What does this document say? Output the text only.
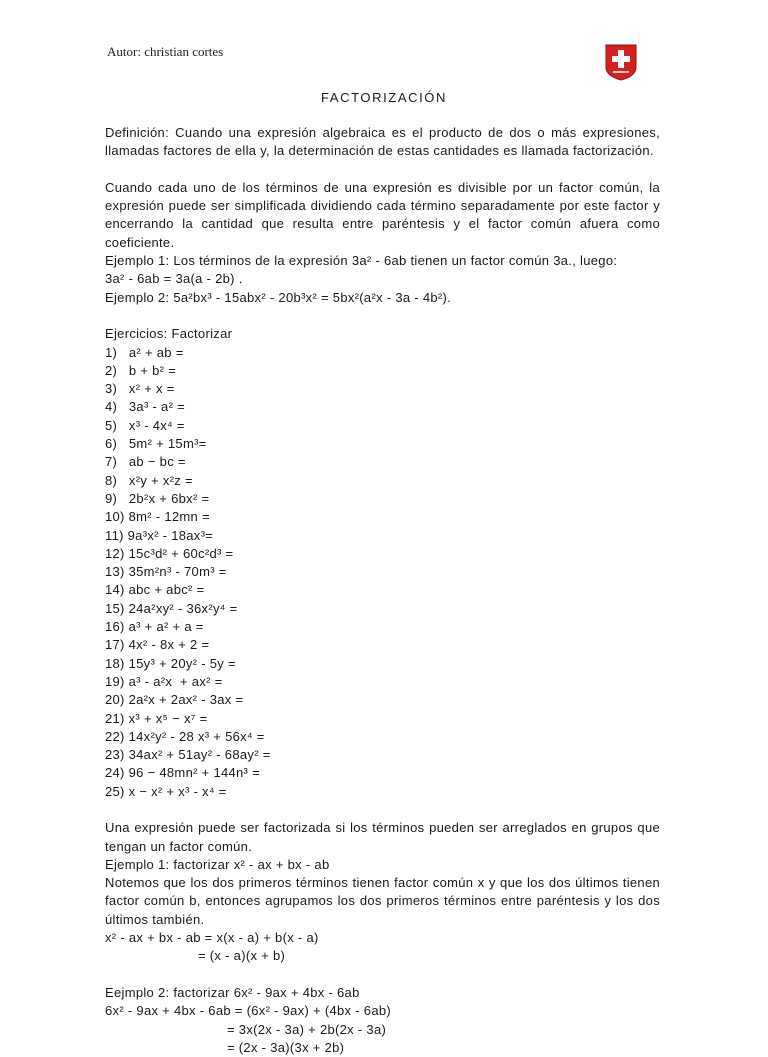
Autor: christian cortes
FACTORIZACIÓN

Definición: Cuando una expresión algebraica es el producto de dos o más expresiones, llamadas factores de ella y, la determinación de estas cantidades es llamada factorización.

Cuando cada uno de los términos de una expresión es divisible por un factor común, la expresión puede ser simplificada dividiendo cada término separadamente por este factor y encerrando la cantidad que resulta entre paréntesis y el factor común afuera como coeficiente.

Ejemplo 1: Los términos de la expresión 3a² - 6ab tienen un factor común 3a., luego:

3a² - 6ab = 3a(a - 2b) .

Ejemplo 2: 5a²bx³ - 15abx² - 20b³x² = 5bx²(a²x - 3a - 4b²).

Ejercicios: Factorizar

1)   a² + ab =
2)   b + b² =
3)   x² + x =
4)   3a³ - a² =
5)   x³ - 4x⁴ =
6)   5m² + 15m³=
7)   ab − bc =
8)   x²y + x²z =
9)   2b²x + 6bx² =
10) 8m² - 12mn =
11) 9a³x² - 18ax³=
12) 15c³d² + 60c²d³ =
13) 35m²n³ - 70m³ =
14) abc + abc² =
15) 24a²xy² - 36x²y⁴ =
16) a³ + a² + a =
17) 4x² - 8x + 2 =
18) 15y³ + 20y² - 5y =
19) a³ - a²x  + ax² =
20) 2a²x + 2ax² - 3ax =
21) x³ + x⁵ − x⁷ =
22) 14x²y² - 28 x³ + 56x⁴ =
23) 34ax² + 51ay² - 68ay² =
24) 96 − 48mn² + 144n³ =
25) x − x² + x³ - x⁴ =

Una expresión puede ser factorizada si los términos pueden ser arreglados en grupos que tengan un factor común.

Ejemplo 1: factorizar x² - ax + bx - ab

Notemos que los dos primeros términos tienen factor común x y que los dos últimos tienen factor común b, entonces agrupamos los dos primeros términos entre paréntesis y los dos últimos también.

x² - ax + bx - ab = x(x - a) + b(x - a)

= (x - a)(x + b)

Eejmplo 2: factorizar 6x² - 9ax + 4bx - 6ab

6x² - 9ax + 4bx - 6ab = (6x² - 9ax) + (4bx - 6ab)

= 3x(2x - 3a) + 2b(2x - 3a)

= (2x - 3a)(3x + 2b)
